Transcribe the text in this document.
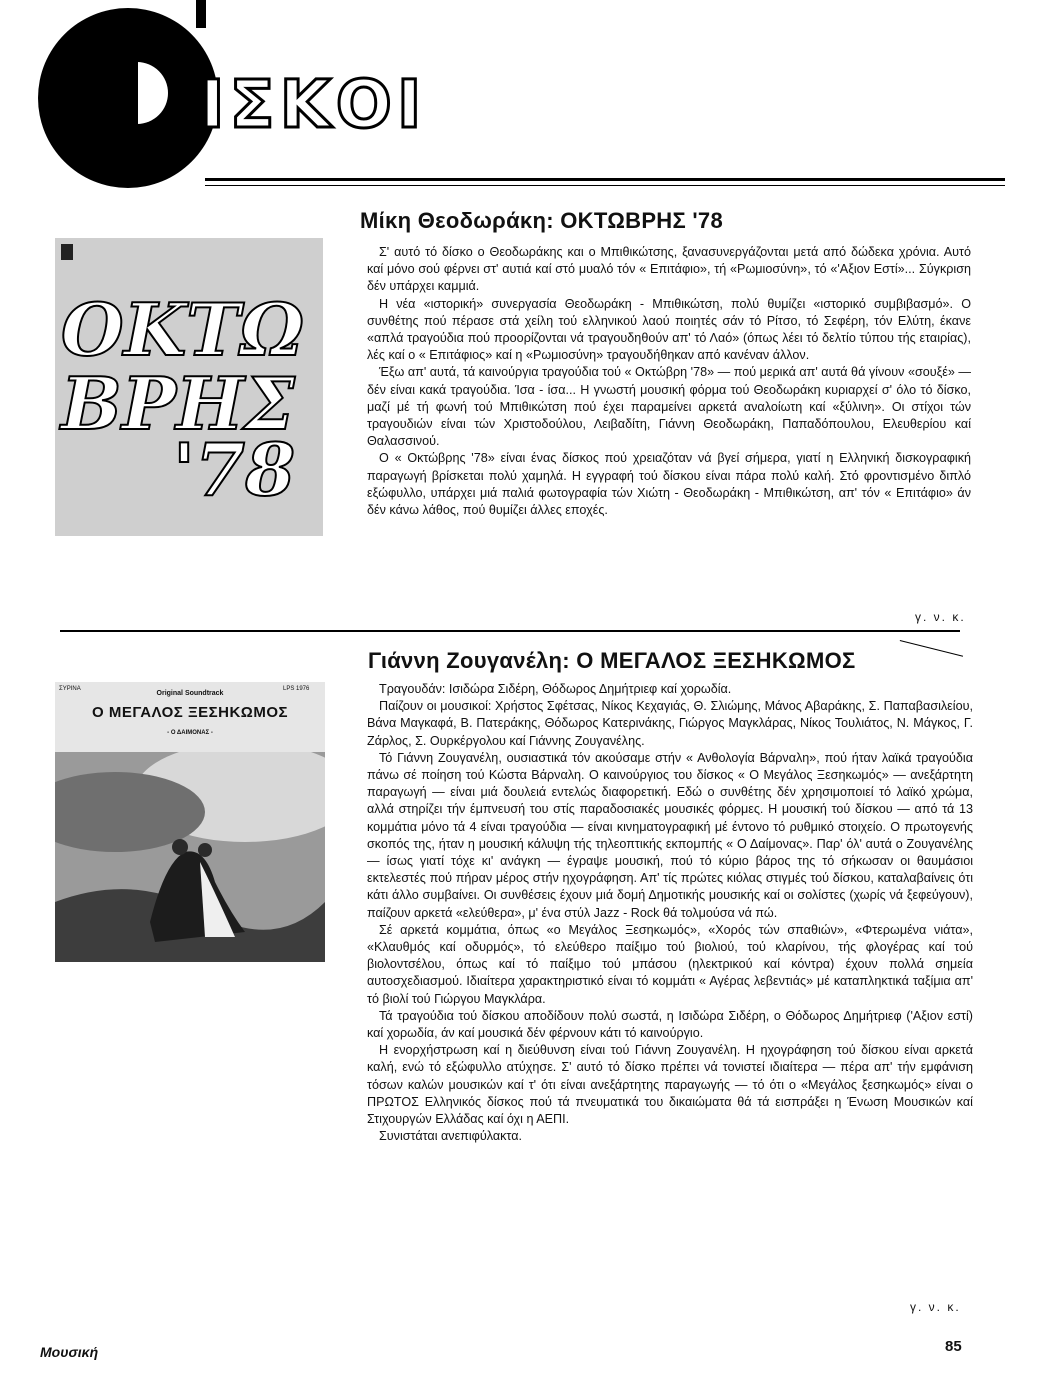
ΙΣΚΟΙ
Μίκη Θεοδωράκη: ΟΚΤΩΒΡΗΣ '78
ΟΚΤΩ
ΒΡΗΣ
'78

Σ' αυτό τό δίσκο ο Θεοδωράκης και ο Μπιθικώτσης, ξανασυνεργάζονται μετά από δώδεκα χρόνια. Αυτό καί μόνο σού φέρνει στ' αυτιά καί στό μυαλό τόν « Επιτάφιο», τή «Ρωμιοσύνη», τό «'Αξιον Εστί»... Σύγκριση δέν υπάρχει καμμιά.

Η νέα «ιστορική» συνεργασία Θεοδωράκη - Μπιθικώτση, πολύ θυμίζει «ιστορικό συμβιβασμό». Ο συνθέτης πού πέρασε στά χείλη τού ελληνικού λαού ποιητές σάν τό Ρίτσο, τό Σεφέρη, τόν Ελύτη, έκανε «απλά τραγούδια πού προορίζονται νά τραγουδηθούν απ' τό Λαό» (όπως λέει τό δελτίο τύπου τής εταιρίας), λές καί ο « Επιτάφιος» καί η «Ρωμιοσύνη» τραγουδήθηκαν από κανέναν άλλον.

Έξω απ' αυτά, τά καινούργια τραγούδια τού « Οκτώβρη '78» — πού μερικά απ' αυτά θά γίνουν «σουξέ» — δέν είναι κακά τραγούδια. Ίσα - ίσα... Η γνωστή μουσική φόρμα τού Θεοδωράκη κυριαρχεί σ' όλο τό δίσκο, μαζί μέ τή φωνή τού Μπιθικώτση πού έχει παραμείνει αρκετά αναλοίωτη καί «ξύλινη». Οι στίχοι τών τραγουδιών είναι τών Χριστοδούλου, Λειβαδίτη, Γιάννη Θεοδωράκη, Παπαδόπουλου, Ελευθερίου καί Θαλασσινού.

Ο « Οκτώβρης '78» είναι ένας δίσκος πού χρειαζόταν νά βγεί σήμερα, γιατί η Ελληνική δισκογραφική παραγωγή βρίσκεται πολύ χαμηλά. Η εγγραφή τού δίσκου είναι πάρα πολύ καλή. Στό φροντισμένο διπλό εξώφυλλο, υπάρχει μιά παλιά φωτογραφία τών Χιώτη - Θεοδωράκη - Μπιθικώτση, απ' τόν « Επιτάφιο» άν δέν κάνω λάθος, πού θυμίζει άλλες εποχές.

γ. ν. κ.
Γιάννη Ζουγανέλη: Ο ΜΕΓΑΛΟΣ ΞΕΣΗΚΩΜΟΣ
ΣΥΡΙΝΑ	LPS 1976
Original Soundtrack
Ο ΜΕΓΑΛΟΣ ΞΕΣΗΚΩΜΟΣ
- Ο ΔΑΙΜΟΝΑΣ -

Τραγουδάν: Ισιδώρα Σιδέρη, Θόδωρος Δημήτριεφ καί χορωδία.

Παίζουν οι μουσικοί: Χρήστος Σφέτσας, Νίκος Κεχαγιάς, Θ. Σλιώμης, Μάνος Αβαράκης, Σ. Παπαβασιλείου, Βάνα Μαγκαφά, Β. Πατεράκης, Θόδωρος Κατερινάκης, Γιώργος Μαγκλάρας, Νίκος Τουλιάτος, Ν. Μάγκος, Γ. Ζάρλος, Σ. Ουρκέργολου καί Γιάννης Ζουγανέλης.

Τό Γιάννη Ζουγανέλη, ουσιαστικά τόν ακούσαμε στήν « Ανθολογία Βάρναλη», πού ήταν λαϊκά τραγούδια πάνω σέ ποίηση τού Κώστα Βάρναλη. Ο καινούργιος του δίσκος « Ο Μεγάλος Ξεσηκωμός» — ανεξάρτητη παραγωγή — είναι μιά δουλειά εντελώς διαφορετική. Εδώ ο συνθέτης δέν χρησιμοποιεί τό λαϊκό χρώμα, αλλά στηρίζει τήν έμπνευσή του στίς παραδοσιακές μουσικές φόρμες. Η μουσική τού δίσκου — από τά 13 κομμάτια μόνο τά 4 είναι τραγούδια — είναι κινηματογραφική μέ έντονο τό ρυθμικό στοιχείο. Ο πρωτογενής σκοπός της, ήταν η μουσική κάλυψη τής τηλεοπτικής εκπομπής « Ο Δαίμονας». Παρ' όλ' αυτά ο Ζουγανέλης — ίσως γιατί τόχε κι' ανάγκη — έγραψε μουσική, πού τό κύριο βάρος της τό σήκωσαν οι θαυμάσιοι εκτελεστές πού πήραν μέρος στήν ηχογράφηση. Απ' τίς πρώτες κιόλας στιγμές τού δίσκου, καταλαβαίνεις ότι κάτι άλλο συμβαίνει. Οι συνθέσεις έχουν μιά δομή Δημοτικής μουσικής καί οι σολίστες (χωρίς νά ξεφεύγουν), παίζουν αρκετά «ελεύθερα», μ' ένα στύλ Jazz - Rock θά τολμούσα νά πώ.

Σέ αρκετά κομμάτια, όπως «ο Μεγάλος Ξεσηκωμός», «Χορός τών σπαθιών», «Φτερωμένα νιάτα», «Κλαυθμός καί οδυρμός», τό ελεύθερο παίξιμο τού βιολιού, τού κλαρίνου, τής φλογέρας καί τού βιολοντσέλου, όπως καί τό παίξιμο τού μπάσου (ηλεκτρικού καί κόντρα) έχουν πολλά σημεία αυτοσχεδιασμού. Ιδιαίτερα χαρακτηριστικό είναι τό κομμάτι « Αγέρας λεβεντιάς» μέ καταπληκτικά ταξίμια απ' τό βιολί τού Γιώργου Μαγκλάρα.

Τά τραγούδια τού δίσκου αποδίδουν πολύ σωστά, η Ισιδώρα Σιδέρη, ο Θόδωρος Δημήτριεφ ('Αξιον εστί) καί χορωδία, άν καί μουσικά δέν φέρνουν κάτι τό καινούργιο.

Η ενορχήστρωση καί η διεύθυνση είναι τού Γιάννη Ζουγανέλη. Η ηχογράφηση τού δίσκου είναι αρκετά καλή, ενώ τό εξώφυλλο ατύχησε. Σ' αυτό τό δίσκο πρέπει νά τονιστεί ιδιαίτερα — πέρα απ' τήν εμφάνιση τόσων καλών μουσικών καί τ' ότι είναι ανεξάρτητης παραγωγής — τό ότι ο «Μεγάλος ξεσηκωμός» είναι ο ΠΡΩΤΟΣ Ελληνικός δίσκος πού τά πνευματικά του δικαιώματα θά τά εισπράξει η Ένωση Μουσικών καί Στιχουργών Ελλάδας καί όχι η ΑΕΠΙ.

Συνιστάται ανεπιφύλακτα.

γ. ν. κ.
Μουσική	85
